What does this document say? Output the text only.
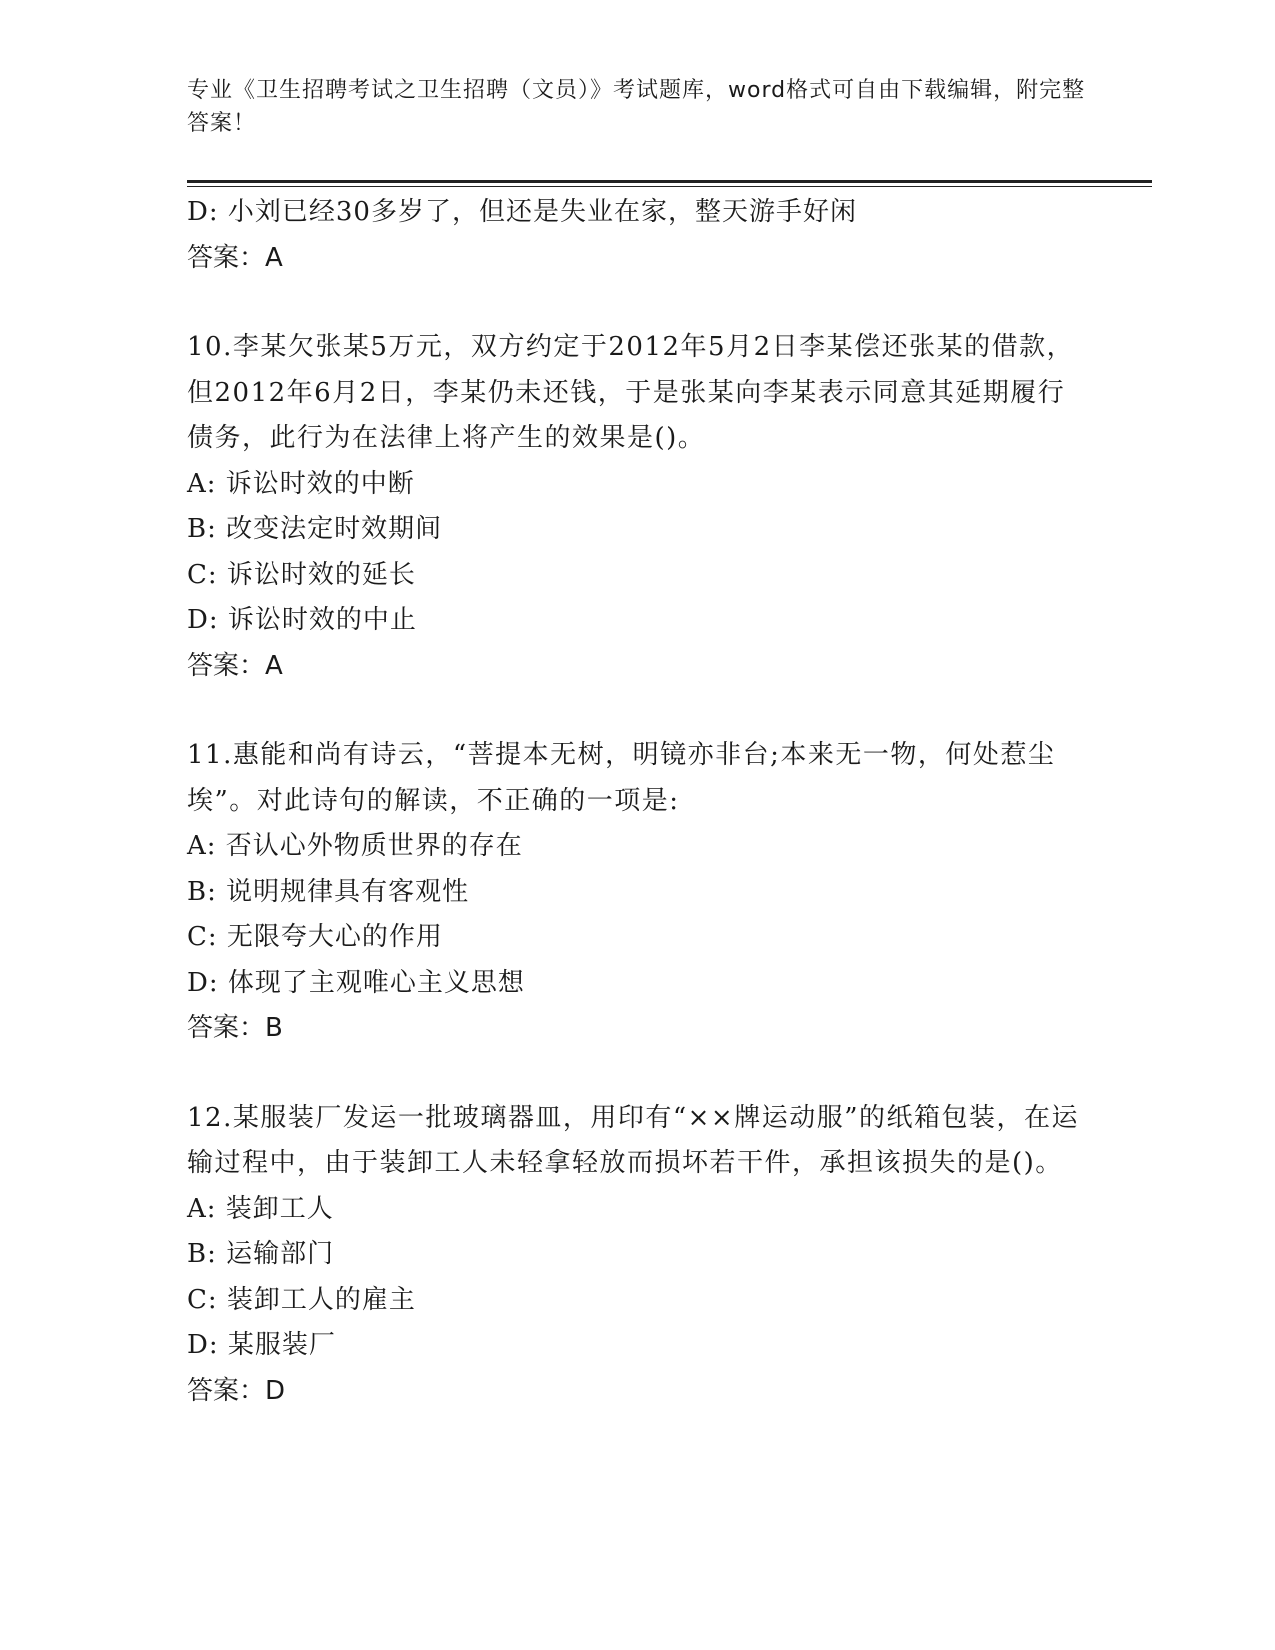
专业《卫生招聘考试之卫生招聘（文员）》考试题库，word格式可自由下载编辑，附完整答案！
D: 小刘已经30多岁了，但还是失业在家，整天游手好闲
答案：A
10.李某欠张某5万元，双方约定于2012年5月2日李某偿还张某的借款，但2012年6月2日，李某仍未还钱，于是张某向李某表示同意其延期履行债务，此行为在法律上将产生的效果是()。
A: 诉讼时效的中断
B: 改变法定时效期间
C: 诉讼时效的延长
D: 诉讼时效的中止
答案：A
11.惠能和尚有诗云，“菩提本无树，明镜亦非台;本来无一物，何处惹尘埃”。对此诗句的解读，不正确的一项是:
A: 否认心外物质世界的存在
B: 说明规律具有客观性
C: 无限夸大心的作用
D: 体现了主观唯心主义思想
答案：B
12.某服装厂发运一批玻璃器皿，用印有“××牌运动服”的纸箱包装，在运输过程中，由于装卸工人未轻拿轻放而损坏若干件，承担该损失的是()。
A: 装卸工人
B: 运输部门
C: 装卸工人的雇主
D: 某服装厂
答案：D
